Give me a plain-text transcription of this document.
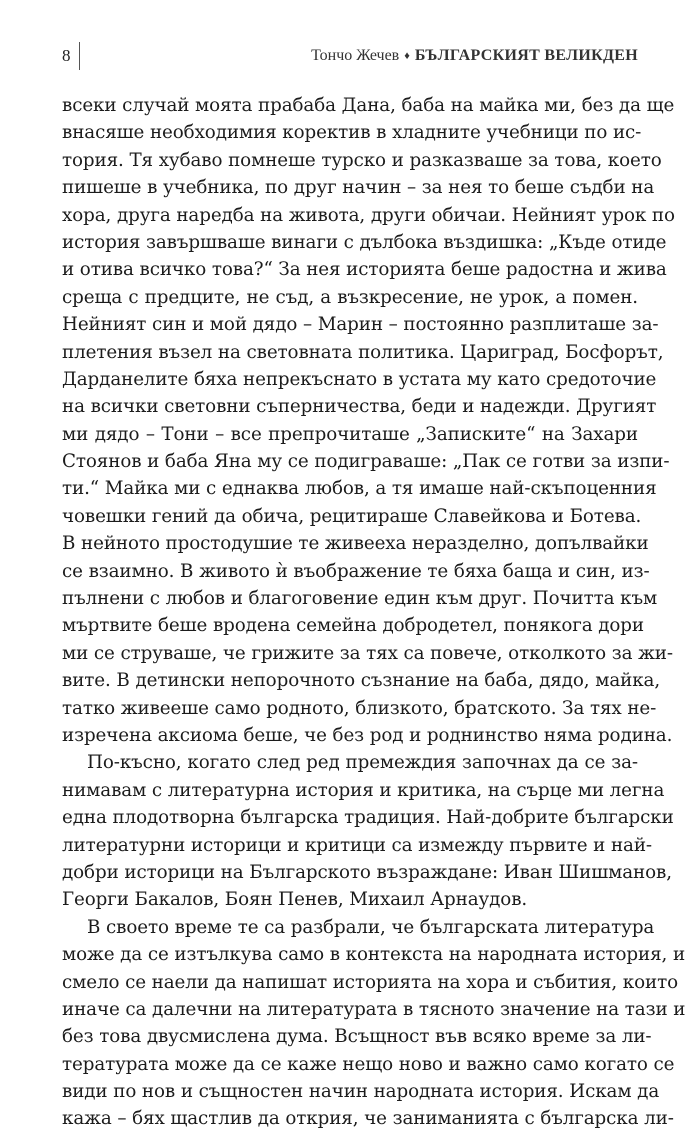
8	Тончо Жечев ♦ БЪЛГАРСКИЯТ ВЕЛИКДЕН
всеки случай моята прабаба Дана, баба на майка ми, без да ще
внасяше необходимия коректив в хладните учебници по ис-
тория. Тя хубаво помнеше турско и разказваше за това, което
пишеше в учебника, по друг начин – за нея то беше съдби на
хора, друга наредба на живота, други обичаи. Нейният урок по
история завършваше винаги с дълбока въздишка: „Къде отиде
и отива всичко това?“ За нея историята беше радостна и жива
среща с предците, не съд, а възкресение, не урок, а помен.
Нейният син и мой дядо – Марин – постоянно разплиташе за-
плетения възел на световната политика. Цариград, Босфорът,
Дарданелите бяха непрекъснато в устата му като средоточие
на всички световни съперничества, беди и надежди. Другият
ми дядо – Тони – все препрочиташе „Записките“ на Захари
Стоянов и баба Яна му се подиграваше: „Пак се готви за изпи-
ти.“ Майка ми с еднаква любов, а тя имаше най-скъпоценния
човешки гений да обича, рецитираше Славейкова и Ботева.
В нейното простодушие те живееха неразделно, допълвайки
се взаимно. В живото ѝ въображение те бяха баща и син, из-
пълнени с любов и благоговение един към друг. Почитта към
мъртвите беше вродена семейна добродетел, понякога дори
ми се струваше, че грижите за тях са повече, отколкото за жи-
вите. В детински непорочното съзнание на баба, дядо, майка,
татко живееше само родното, близкото, братското. За тях не-
изречена аксиома беше, че без род и роднинство няма родина.
По-късно, когато след ред премеждия започнах да се за-
нимавам с литературна история и критика, на сърце ми легна
една плодотворна българска традиция. Най-добрите български
литературни историци и критици са измежду първите и най-
добри историци на Българското възраждане: Иван Шишманов,
Георги Бакалов, Боян Пенев, Михаил Арнаудов.
В своето време те са разбрали, че българската литература
може да се изтълкува само в контекста на народната история, и
смело се наели да напишат историята на хора и събития, които
иначе са далечни на литературата в тясното значение на тази и
без това двусмислена дума. Всъщност във всяко време за ли-
тературата може да се каже нещо ново и важно само когато се
види по нов и същностен начин народната история. Искам да
кажа – бях щастлив да открия, че заниманията с българска ли-
